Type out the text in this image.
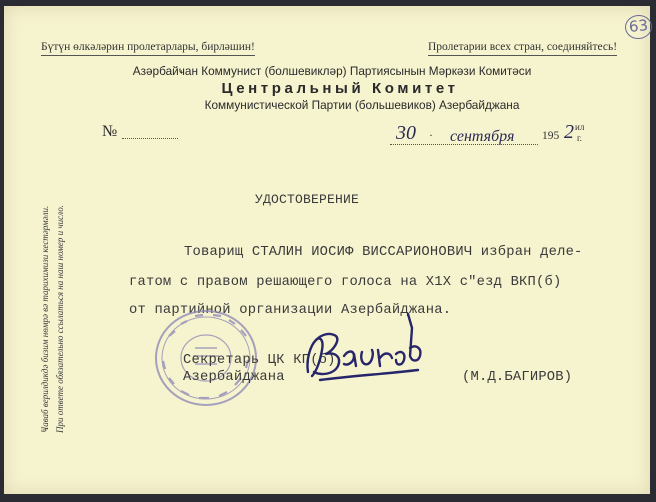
63
Бүтүн өлкәләрин пролетарлары, бирләшин!	Пролетарии всех стран, соединяйтесь!
Азәрбайҹан Коммунист (болшевикләр) Партиясынын Мәркәзи Комитәси
Центральный Комитет
Коммунистической Партии (большевиков) Азербайджана
Ҹаваб верилдикдә бизим нөмрә вә тарихимизи кестәрмәли. При ответе обязательно ссылаться на наш номер и число.
№	30 · сентября 195 2 ил
г.
УДОСТОВЕРЕНИЕ
Товарищ СТАЛИН ИОСИФ ВИССАРИОНОВИЧ избран деле-
гатом с правом решающего голоса на Х1Х с"езд ВКП(б)
от партийной организации Азербайджана.
Секретарь ЦК КП(б)
Азербайджана	(М.Д.БАГИРОВ)
